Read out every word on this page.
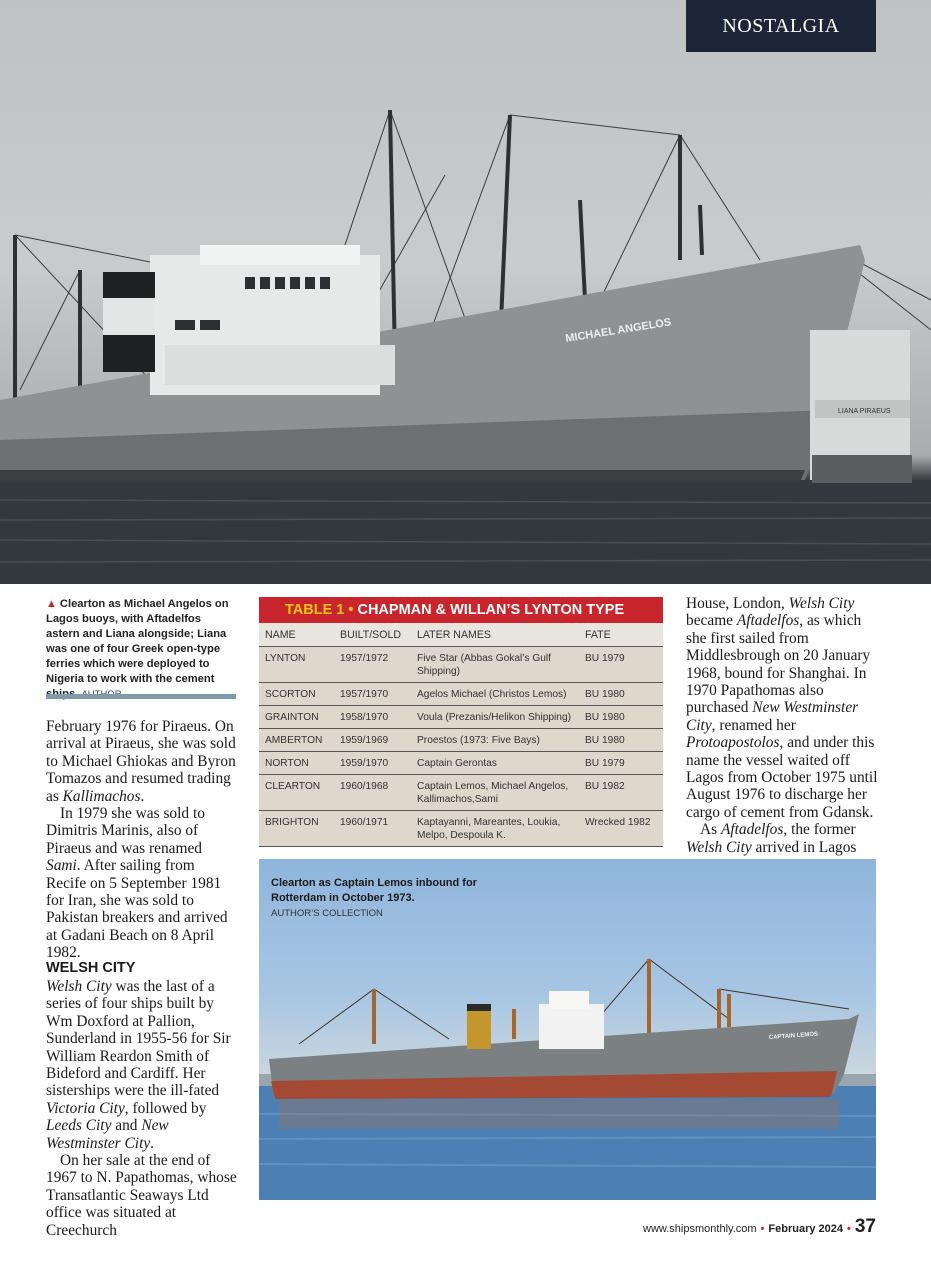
LIANA PIRAEUS
MICHAEL ANGELOS
NOSTALGIA
▲ Clearton as Michael Angelos on Lagos buoys, with Aftadelfos astern and Liana alongside; Liana was one of four Greek open-type ferries which were deployed to Nigeria to work with the cement

February 1976 for Piraeus. On arrival at Piraeus, she was sold to Michael Ghiokas and Byron Tomazos and resumed trading as Kallimachos.

In 1979 she was sold to Dimitris Marinis, also of Piraeus and was renamed Sami. After sailing from Recife on 5 September 1981 for Iran, she was sold to Pakistan breakers and arrived at Gadani Beach on 8 April 1982.

WELSH CITY

Welsh City was the last of a series of four ships built by Wm Doxford at Pallion, Sunderland in 1955-56 for Sir William Reardon Smith of Bideford and Cardiff. Her sisterships were the ill-fated Victoria City, followed by Leeds City and New Westminster City.

On her sale at the end of 1967 to N. Papathomas, whose Transatlantic Seaways Ltd office was situated at Creechurch

TABLE 1 •
CHAPMAN & WILLAN’S LYNTON TYPE
NAME	BUILT/SOLD	LATER NAMES	FATE
LYNTON	1957/1972	Five Star (Abbas Gokal’s Gulf Shipping)	BU 1979
SCORTON	1957/1970	Agelos Michael (Christos Lemos)	BU 1980
GRAINTON	1958/1970	Voula (Prezanis/Helikon Shipping)	BU 1980
AMBERTON	1959/1969	Proestos (1973: Five Bays)	BU 1980
NORTON	1959/1970	Captain Gerontas	BU 1979
CLEARTON	1960/1968	Captain Lemos, Michael Angelos, Kallimachos,Sami	BU 1982
BRIGHTON	1960/1971	Kaptayanni, Mareantes, Loukia, Melpo, Despoula K.	Wrecked 1982

House, London, Welsh City became Aftadelfos, as which she first sailed from Middlesbrough on 20 January 1968, bound for Shanghai. In 1970 Papathomas also purchased New Westminster City, renamed her Protoapostolos, and under this name the vessel waited off Lagos from October 1975 until August 1976 to discharge her cargo of cement from Gdansk.

As Aftadelfos, the former Welsh City arrived in Lagos

CAPTAIN LEMOS
Clearton as Captain Lemos inbound for Rotterdam in October 1973.
AUTHOR’S COLLECTION
www.shipsmonthly.com • February 2024 • 37
